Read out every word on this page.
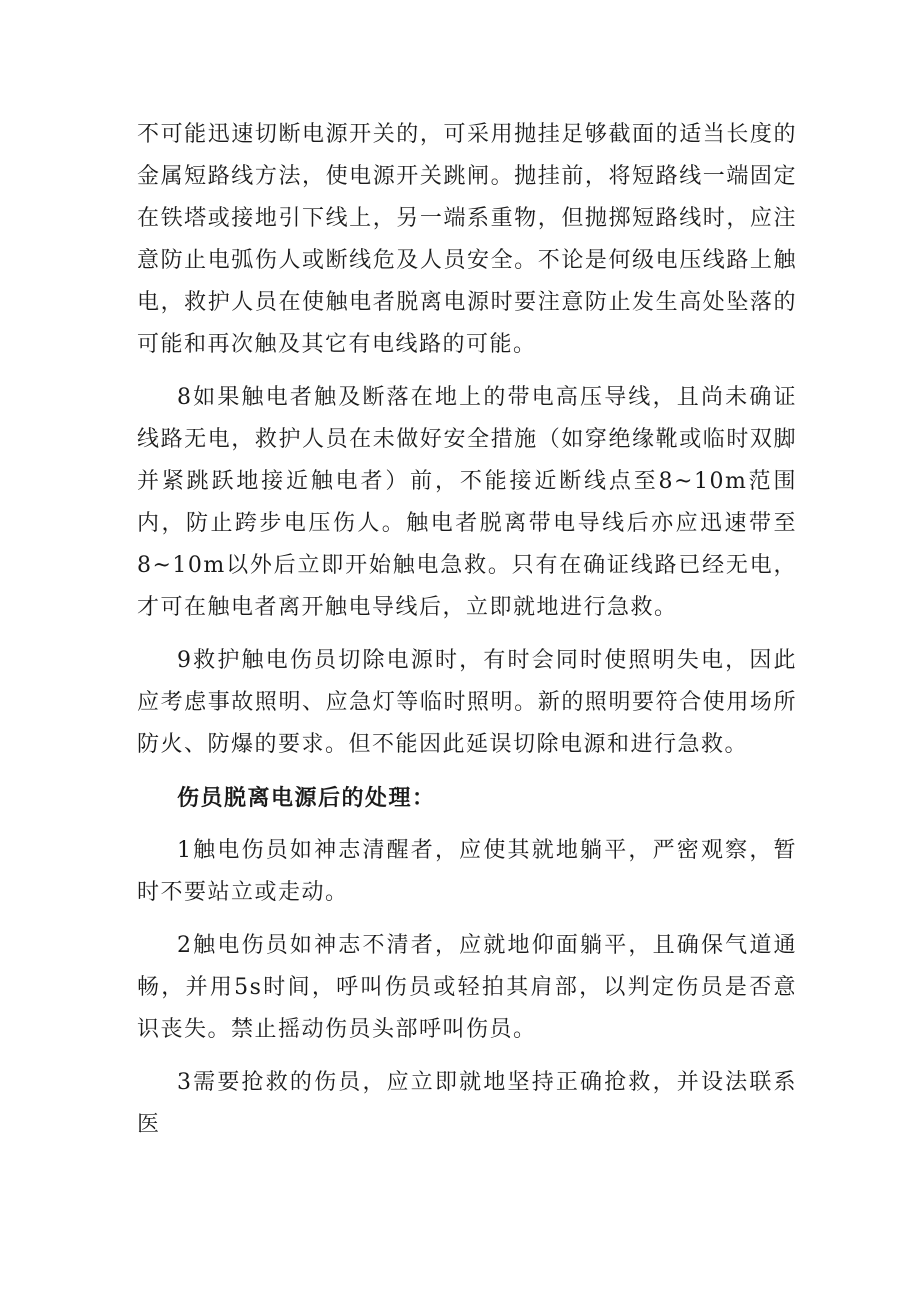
不可能迅速切断电源开关的，可采用抛挂足够截面的适当长度的金属短路线方法，使电源开关跳闸。抛挂前，将短路线一端固定在铁塔或接地引下线上，另一端系重物，但抛掷短路线时，应注意防止电弧伤人或断线危及人员安全。不论是何级电压线路上触电，救护人员在使触电者脱离电源时要注意防止发生高处坠落的可能和再次触及其它有电线路的可能。

8如果触电者触及断落在地上的带电高压导线，且尚未确证线路无电，救护人员在未做好安全措施（如穿绝缘靴或临时双脚并紧跳跃地接近触电者）前，不能接近断线点至8~10m范围内，防止跨步电压伤人。触电者脱离带电导线后亦应迅速带至8~10m以外后立即开始触电急救。只有在确证线路已经无电，才可在触电者离开触电导线后，立即就地进行急救。

9救护触电伤员切除电源时，有时会同时使照明失电，因此应考虑事故照明、应急灯等临时照明。新的照明要符合使用场所防火、防爆的要求。但不能因此延误切除电源和进行急救。

伤员脱离电源后的处理：

1触电伤员如神志清醒者，应使其就地躺平，严密观察，暂时不要站立或走动。

2触电伤员如神志不清者，应就地仰面躺平，且确保气道通畅，并用5s时间，呼叫伤员或轻拍其肩部，以判定伤员是否意识丧失。禁止摇动伤员头部呼叫伤员。

3需要抢救的伤员，应立即就地坚持正确抢救，并设法联系医
